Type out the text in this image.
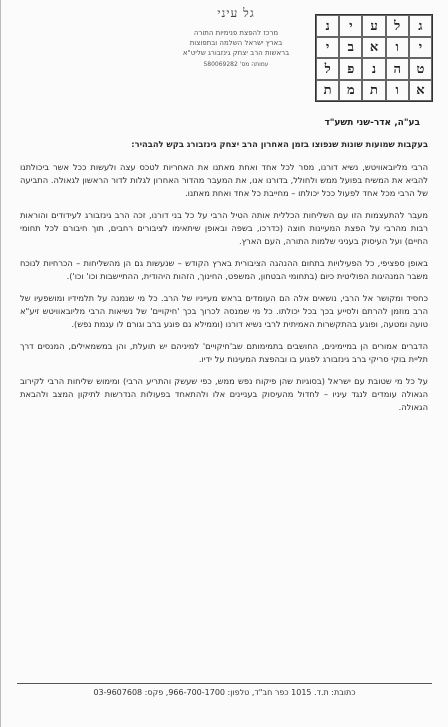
ג
ל
ע
י
נ
י
ו
א
ב
י
ט
ה
נ
פ
ל
א
ו
ת
מ
ת
גל עיני
מרכז להפצת פנימיות התורה
בארץ ישראל השלמה ובתפוצות
בראשות הרב יצחק גינזבורג שליט"א
עמותה מס' 580069282
בע"ה, אדר-שני תשע"ד

בעקבות שמועות שונות שנפוצו בזמן האחרון הרב יצחק גינזבורג בקש להבהיר:

הרבי מליובאוויטש, נשיא דורנו, מסר לכל אחד ואחת מאתנו את האחריות לטכס עצה ולעשות ככל אשר ביכולתנו להביא את המשיח בפועל ממש ולחולל, בדורנו אנו, את המעבר מהדור האחרון לגלות לדור הראשון לגאולה. התביעה של הרבי מכל אחד לפעול ככל יכולתו – מחייבת כל אחד ואחת מאתנו.

מעבר להתעצמות הזו עם השליחות הכללית אותה הטיל הרבי על כל בני דורנו, זכה הרב גינזבורג לעידודים והוראות רבות מהרבי על הפצת המעיינות חוצה (כדרכו, בשפה ובאופן שיתאימו לציבורים רחבים, תוך חיבורם לכל תחומי החיים) ועל העיסוק בעניני שלמות התורה, העם הארץ.

באופן ספציפי, כל הפעילויות בתחום ההנהגה הציבורית בארץ הקודש – שנעשות גם הן מהשליחות – הכרחיות לנוכח משבר המנהיגות הפוליטית כיום (בתחומי הבטחון, המשפט, החינוך, הזהות היהודית, ההתיישבות וכו' וכו').

כחסיד ומקושר אל הרבי, נושאים אלה הם העומדים בראש מעייניו של הרב. כל מי שנמנה על תלמידיו ומושפעיו של הרב מוזמן להרתם ולסייע בכך בכל יכולתו. כל מי שמנסה לכרוך בכך 'חיקויים' של נשיאות הרבי מליובאוויטש זיע"א טועה ומטעה, ופוגע בהתקשרות האמיתית לרבי נשיא דורנו (וממילא גם פוגע ברב וגורם לו עגמת נפש).

הדברים אמורים הן במיימינים, החושבים בתמימותם שב'חיקויים' למיניהם יש תועלת, והן במשמאילים, המנסים דרך תליית בוקי סריקי ברב גינזבורג לפגוע בו ובהפצת המעינות על ידיו.

על כל מי שטובת עם ישראל (בסוגיות שהן פיקוח נפש ממש, כפי שעשק והתריע הרבי) ומימוש שליחות הרבי לקירוב הגאולה עומדים לנגד עיניו – לחדול מהעיסוק בעניינים אלו ולהתאחד בפעולות הנדרשות לתיקון המצב ולהבאת הגאולה.

כתובת: ת.ד. 1015 כפר חב"ד, טלפון: 966-700-1700, פקס: 03-9607608
